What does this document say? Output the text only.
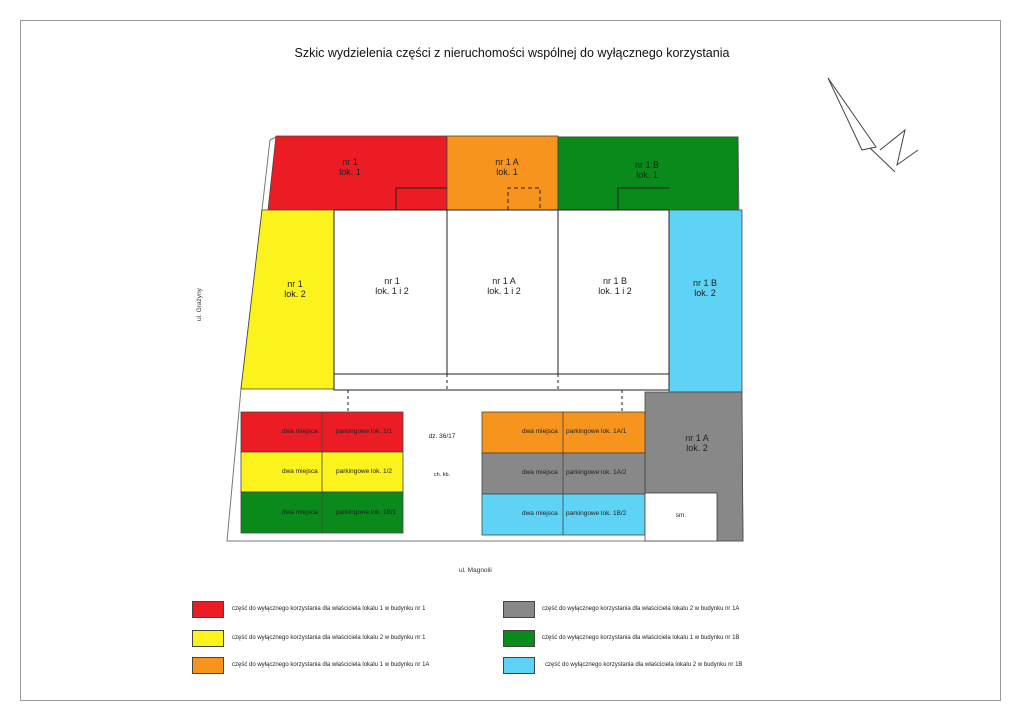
Szkic wydzielenia części z nieruchomości wspólnej do wyłącznego korzystania
nr 1
lok. 1
nr 1 A
lok. 1
nr 1 B
lok. 1
nr 1
lok. 2
nr 1 B
lok. 2
nr 1 A
lok. 2
nr 1
lok. 1 i 2
nr 1 A
lok. 1 i 2
nr 1 B
lok. 1 i 2
dwa miejsca	parkingowe lok. 1/1
dwa miejsca	parkingowe lok. 1/2
dwa miejsca	parkingowe lok. 1B/1
dwa miejsca	parkingowe lok. 1A/1
dwa miejsca	parkingowe lok. 1A/2
dwa miejsca	parkingowe lok. 1B/2
dz. 36/17
ch. kb.
sm.
ul. Grażyny
ul. Magnolii
część do wyłącznego korzystania dla właściciela lokalu 1 w budynku nr 1
część do wyłącznego korzystania dla właściciela lokalu 2 w budynku nr 1
część do wyłącznego korzystania dla właściciela lokalu 1 w budynku nr 1A
część do wyłącznego korzystania dla właściciela lokalu 2 w budynku nr 1A
część do wyłącznego korzystania dla właściciela lokalu 1 w budynku nr 1B
część do wyłącznego korzystania dla właściciela lokalu 2 w budynku nr 1B
